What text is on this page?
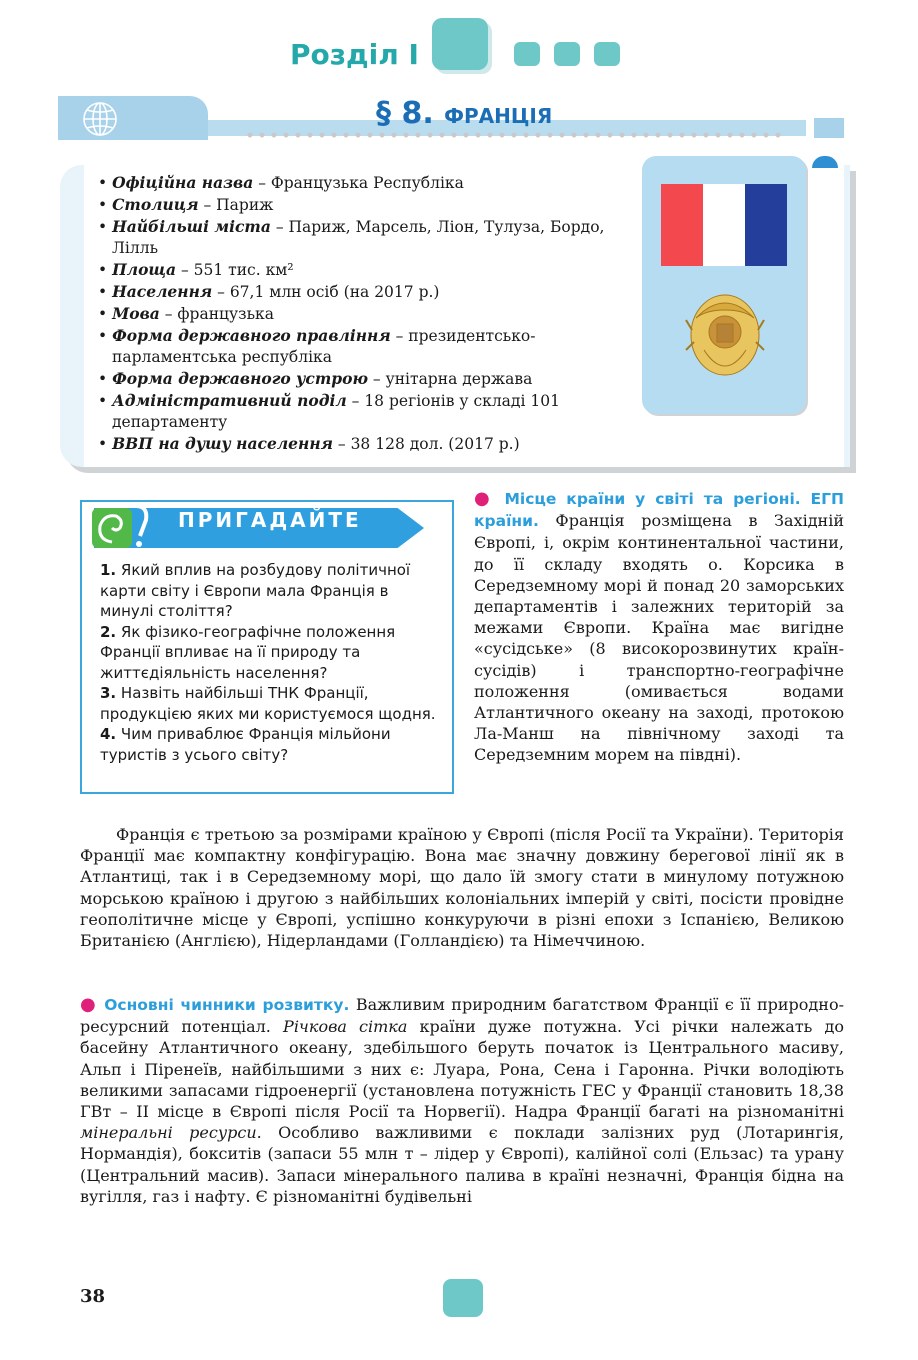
Розділ І
§ 8. ФРАНЦІЯ

• Офіційна назва – Французька Республіка

• Столиця – Париж

• Найбільші міста – Париж, Марсель, Ліон, Тулуза, Бордо, Лілль

• Площа – 551 тис. км²

• Населення – 67,1 млн осіб (на 2017 р.)

• Мова – французька

• Форма державного правління – президентсько-парламентська республіка

• Форма державного устрою – унітарна держава

• Адміністративний поділ – 18 регіонів у складі 101 департаменту

• ВВП на душу населення – 38 128 дол. (2017 р.)

ПРИГАДАЙТЕ

1. Який вплив на розбудову політичної карти світу і Європи мала Франція в минулі століття?

2. Як фізико-географічне положення Франції впливає на її природу та життєдіяльність населення?

3. Назвіть найбільші ТНК Франції, продукцією яких ми користуємося щодня.

4. Чим приваблює Франція мільйони туристів з усього світу?

● Місце країни у світі та регіоні. ЕГП країни. Франція розміщена в Західній Європі, і, окрім континентальної частини, до її складу входять о. Корсика в Середземному морі й понад 20 заморських департаментів і залежних територій за межами Європи. Країна має вигідне «сусідське» (8 високорозвинутих країн-сусідів) і транспортно-географічне положення (омивається водами Атлантичного океану на заході, протокою Ла-Манш на північному заході та Середземним морем на півдні).

Франція є третьою за розмірами країною у Європі (після Росії та України). Територія Франції має компактну конфігурацію. Вона має значну довжину берегової лінії як в Атлантиці, так і в Середземному морі, що дало їй змогу стати в минулому потужною морською країною і другою з найбільших колоніальних імперій у світі, посісти провідне геополітичне місце у Європі, успішно конкуруючи в різні епохи з Іспанією, Великою Британією (Англією), Нідерландами (Голландією) та Німеччиною.

● Основні чинники розвитку. Важливим природним багатством Франції є її природно-ресурсний потенціал. Річкова сітка країни дуже потужна. Усі річки належать до басейну Атлантичного океану, здебільшого беруть початок із Центрального масиву, Альп і Піренеїв, найбільшими з них є: Луара, Рона, Сена і Гаронна. Річки володіють великими запасами гідроенергії (установлена потужність ГЕС у Франції становить 18,38 ГВт – II місце в Європі після Росії та Норвегії). Надра Франції багаті на різноманітні мінеральні ресурси. Особливо важливими є поклади залізних руд (Лотарингія, Нормандія), бокситів (запаси 55 млн т – лідер у Європі), калійної солі (Ельзас) та урану (Центральний масив). Запаси мінерального палива в країні незначні, Франція бідна на вугілля, газ і нафту. Є різноманітні будівельні

38
